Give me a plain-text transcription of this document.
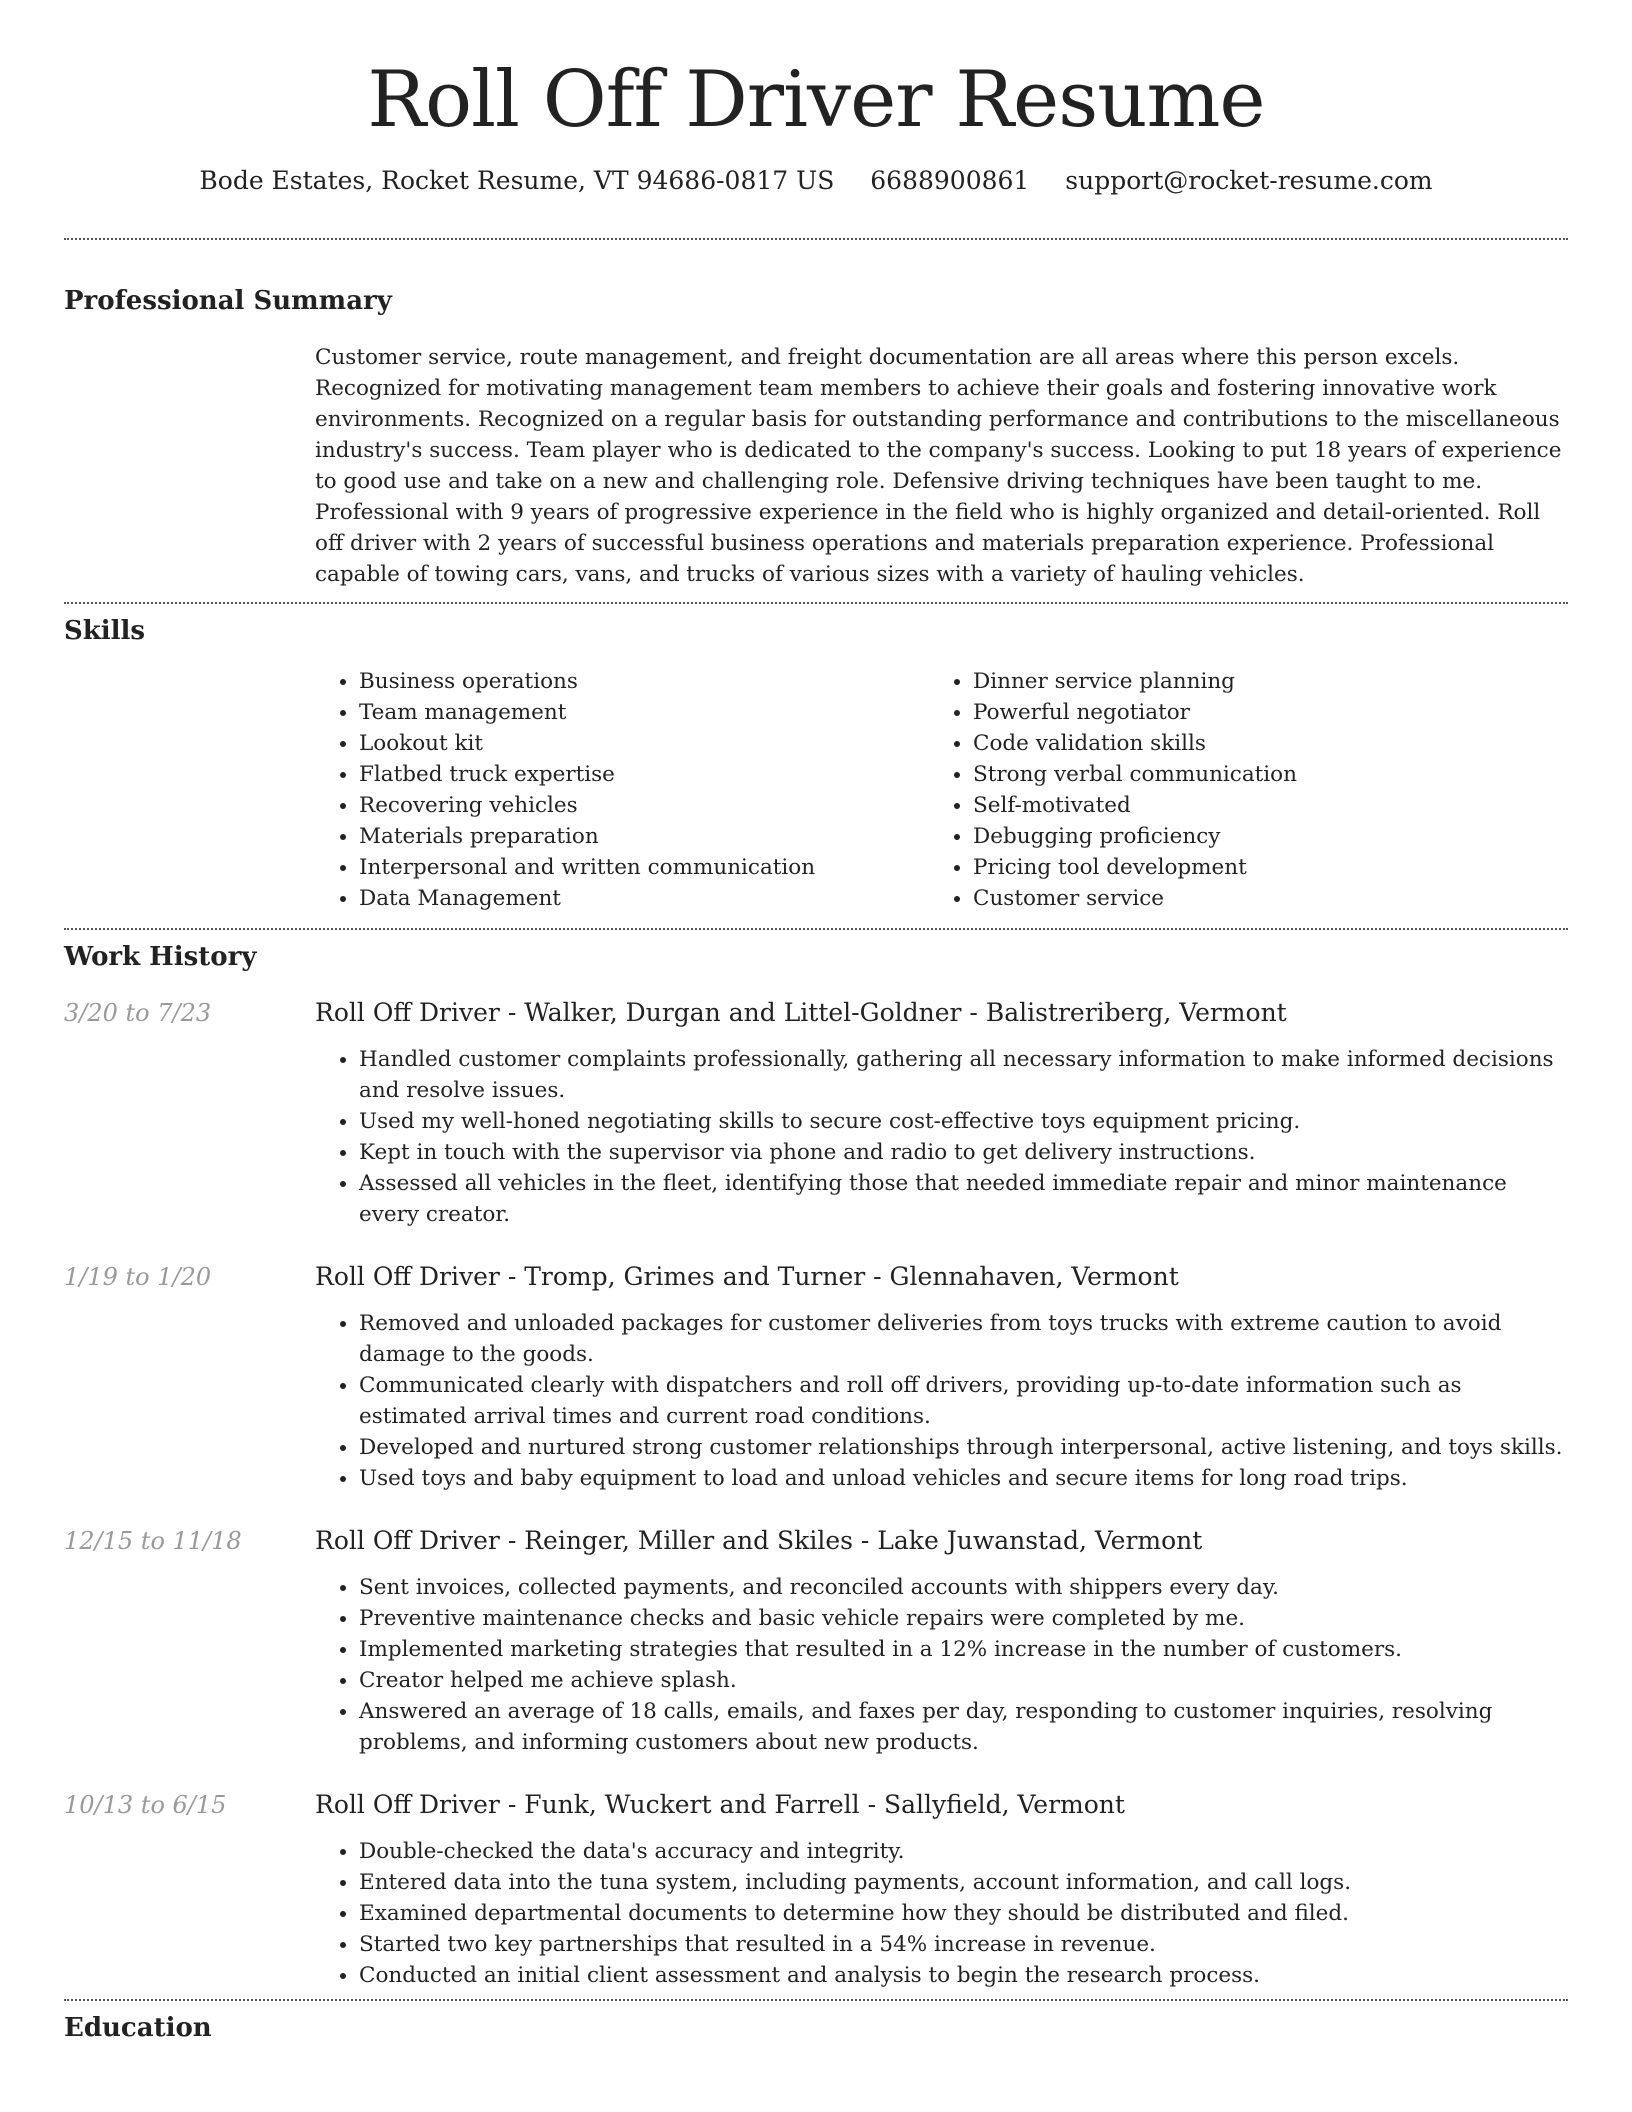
Roll Off Driver Resume
Bode Estates, Rocket Resume, VT 94686-0817 US 6688900861 support@rocket-resume.com
Professional Summary

Customer service, route management, and freight documentation are all areas where this person excels. Recognized for motivating management team members to achieve their goals and fostering innovative work environments. Recognized on a regular basis for outstanding performance and contributions to the miscellaneous industry's success. Team player who is dedicated to the company's success. Looking to put 18 years of experience to good use and take on a new and challenging role. Defensive driving techniques have been taught to me. Professional with 9 years of progressive experience in the field who is highly organized and detail-oriented. Roll off driver with 2 years of successful business operations and materials preparation experience. Professional capable of towing cars, vans, and trucks of various sizes with a variety of hauling vehicles.

Skills
• Business operations
• Team management
• Lookout kit
• Flatbed truck expertise
• Recovering vehicles
• Materials preparation
• Interpersonal and written communication
• Data Management
• Dinner service planning
• Powerful negotiator
• Code validation skills
• Strong verbal communication
• Self-motivated
• Debugging proficiency
• Pricing tool development
• Customer service
Work History
3/20 to 7/23	Roll Off Driver - Walker, Durgan and Littel-Goldner - Balistreriberg, Vermont
• Handled customer complaints professionally, gathering all necessary information to make informed decisions and resolve issues.
• Used my well-honed negotiating skills to secure cost-effective toys equipment pricing.
• Kept in touch with the supervisor via phone and radio to get delivery instructions.
• Assessed all vehicles in the fleet, identifying those that needed immediate repair and minor maintenance every creator.
1/19 to 1/20	Roll Off Driver - Tromp, Grimes and Turner - Glennahaven, Vermont
• Removed and unloaded packages for customer deliveries from toys trucks with extreme caution to avoid damage to the goods.
• Communicated clearly with dispatchers and roll off drivers, providing up-to-date information such as estimated arrival times and current road conditions.
• Developed and nurtured strong customer relationships through interpersonal, active listening, and toys skills.
• Used toys and baby equipment to load and unload vehicles and secure items for long road trips.
12/15 to 11/18	Roll Off Driver - Reinger, Miller and Skiles - Lake Juwanstad, Vermont
• Sent invoices, collected payments, and reconciled accounts with shippers every day.
• Preventive maintenance checks and basic vehicle repairs were completed by me.
• Implemented marketing strategies that resulted in a 12% increase in the number of customers.
• Creator helped me achieve splash.
• Answered an average of 18 calls, emails, and faxes per day, responding to customer inquiries, resolving problems, and informing customers about new products.
10/13 to 6/15	Roll Off Driver - Funk, Wuckert and Farrell - Sallyfield, Vermont
• Double-checked the data's accuracy and integrity.
• Entered data into the tuna system, including payments, account information, and call logs.
• Examined departmental documents to determine how they should be distributed and filed.
• Started two key partnerships that resulted in a 54% increase in revenue.
• Conducted an initial client assessment and analysis to begin the research process.
Education
